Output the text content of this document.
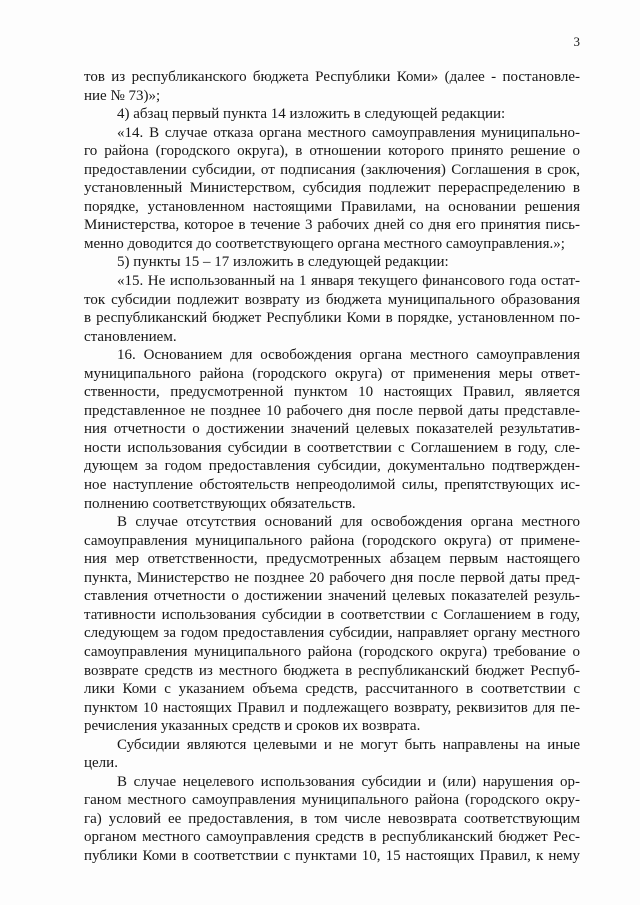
3
тов из республиканского бюджета Республики Коми» (далее - постановле-
ние № 73)»;
4) абзац первый пункта 14 изложить в следующей редакции:
«14. В случае отказа органа местного самоуправления муниципально-
го района (городского округа), в отношении которого принято решение о
предоставлении субсидии, от подписания (заключения) Соглашения в срок,
установленный Министерством, субсидия подлежит перераспределению в
порядке, установленном настоящими Правилами, на основании решения
Министерства, которое в течение 3 рабочих дней со дня его принятия пись-
менно доводится до соответствующего органа местного самоуправления.»;
5) пункты 15 – 17 изложить в следующей редакции:
«15. Не использованный на 1 января текущего финансового года остат-
ток субсидии подлежит возврату из бюджета муниципального образования
в республиканский бюджет Республики Коми в порядке, установленном по-
становлением.
16. Основанием для освобождения органа местного самоуправления
муниципального района (городского округа) от применения меры ответ-
ственности, предусмотренной пунктом 10 настоящих Правил, является
представленное не позднее 10 рабочего дня после первой даты представле-
ния отчетности о достижении значений целевых показателей результатив-
ности использования субсидии в соответствии с Соглашением в году, сле-
дующем за годом предоставления субсидии, документально подтвержден-
ное наступление обстоятельств непреодолимой силы, препятствующих ис-
полнению соответствующих обязательств.
В случае отсутствия оснований для освобождения органа местного
самоуправления муниципального района (городского округа) от примене-
ния мер ответственности, предусмотренных абзацем первым настоящего
пункта, Министерство не позднее 20 рабочего дня после первой даты пред-
ставления отчетности о достижении значений целевых показателей резуль-
тативности использования субсидии в соответствии с Соглашением в году,
следующем за годом предоставления субсидии, направляет органу местного
самоуправления муниципального района (городского округа) требование о
возврате средств из местного бюджета в республиканский бюджет Респуб-
лики Коми с указанием объема средств, рассчитанного в соответствии с
пунктом 10 настоящих Правил и подлежащего возврату, реквизитов для пе-
речисления указанных средств и сроков их возврата.
Субсидии являются целевыми и не могут быть направлены на иные
цели.
В случае нецелевого использования субсидии и (или) нарушения ор-
ганом местного самоуправления муниципального района (городского окру-
га) условий ее предоставления, в том числе невозврата соответствующим
органом местного самоуправления средств в республиканский бюджет Рес-
публики Коми в соответствии с пунктами 10, 15 настоящих Правил, к нему
